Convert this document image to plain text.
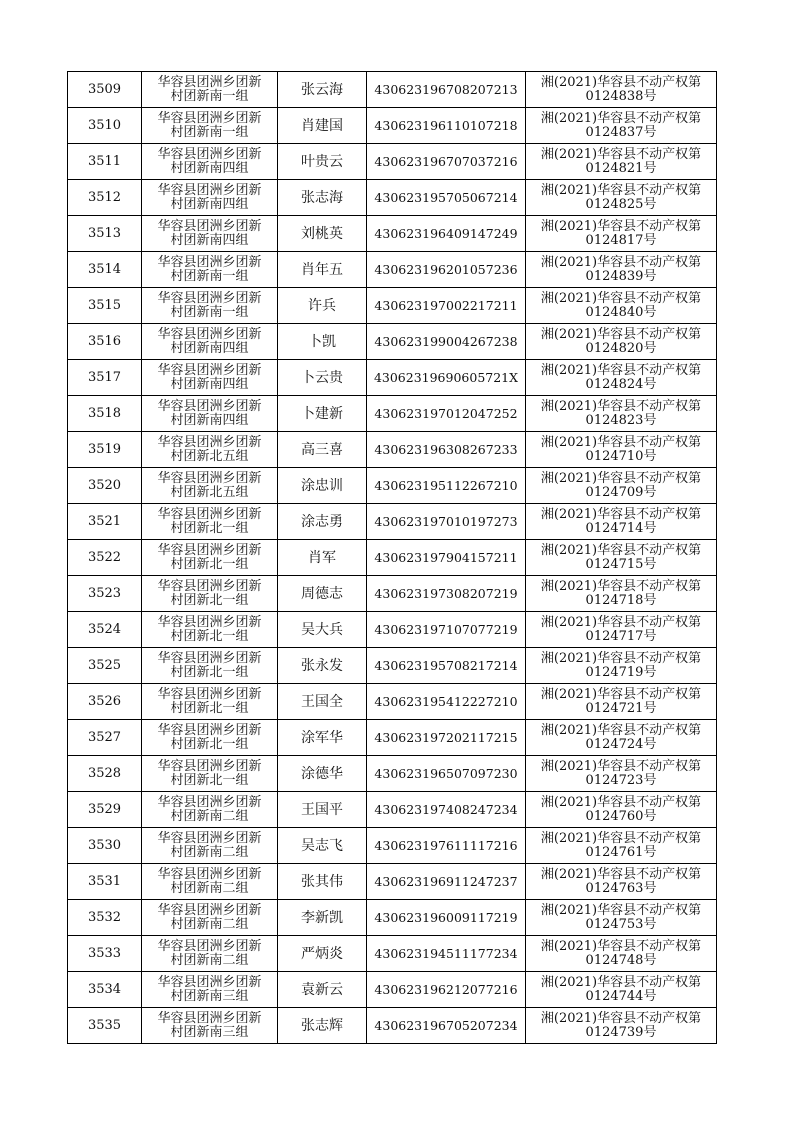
3509	华容县团洲乡团新
村团新南一组	张云海	430623196708207213	湘(2021)华容县不动产权第
0124838号

3510	华容县团洲乡团新
村团新南一组	肖建国	430623196110107218	湘(2021)华容县不动产权第
0124837号

3511	华容县团洲乡团新
村团新南四组	叶贵云	430623196707037216	湘(2021)华容县不动产权第
0124821号

3512	华容县团洲乡团新
村团新南四组	张志海	430623195705067214	湘(2021)华容县不动产权第
0124825号

3513	华容县团洲乡团新
村团新南四组	刘桃英	430623196409147249	湘(2021)华容县不动产权第
0124817号

3514	华容县团洲乡团新
村团新南一组	肖年五	430623196201057236	湘(2021)华容县不动产权第
0124839号

3515	华容县团洲乡团新
村团新南一组	许兵	430623197002217211	湘(2021)华容县不动产权第
0124840号

3516	华容县团洲乡团新
村团新南四组	卜凯	430623199004267238	湘(2021)华容县不动产权第
0124820号

3517	华容县团洲乡团新
村团新南四组	卜云贵	43062319690605721X	湘(2021)华容县不动产权第
0124824号

3518	华容县团洲乡团新
村团新南四组	卜建新	430623197012047252	湘(2021)华容县不动产权第
0124823号

3519	华容县团洲乡团新
村团新北五组	高三喜	430623196308267233	湘(2021)华容县不动产权第
0124710号

3520	华容县团洲乡团新
村团新北五组	涂忠训	430623195112267210	湘(2021)华容县不动产权第
0124709号

3521	华容县团洲乡团新
村团新北一组	涂志勇	430623197010197273	湘(2021)华容县不动产权第
0124714号

3522	华容县团洲乡团新
村团新北一组	肖军	430623197904157211	湘(2021)华容县不动产权第
0124715号

3523	华容县团洲乡团新
村团新北一组	周德志	430623197308207219	湘(2021)华容县不动产权第
0124718号

3524	华容县团洲乡团新
村团新北一组	吴大兵	430623197107077219	湘(2021)华容县不动产权第
0124717号

3525	华容县团洲乡团新
村团新北一组	张永发	430623195708217214	湘(2021)华容县不动产权第
0124719号

3526	华容县团洲乡团新
村团新北一组	王国全	430623195412227210	湘(2021)华容县不动产权第
0124721号

3527	华容县团洲乡团新
村团新北一组	涂军华	430623197202117215	湘(2021)华容县不动产权第
0124724号

3528	华容县团洲乡团新
村团新北一组	涂德华	430623196507097230	湘(2021)华容县不动产权第
0124723号

3529	华容县团洲乡团新
村团新南二组	王国平	430623197408247234	湘(2021)华容县不动产权第
0124760号

3530	华容县团洲乡团新
村团新南二组	吴志飞	430623197611117216	湘(2021)华容县不动产权第
0124761号

3531	华容县团洲乡团新
村团新南二组	张其伟	430623196911247237	湘(2021)华容县不动产权第
0124763号

3532	华容县团洲乡团新
村团新南二组	李新凯	430623196009117219	湘(2021)华容县不动产权第
0124753号

3533	华容县团洲乡团新
村团新南二组	严炳炎	430623194511177234	湘(2021)华容县不动产权第
0124748号

3534	华容县团洲乡团新
村团新南三组	袁新云	430623196212077216	湘(2021)华容县不动产权第
0124744号

3535	华容县团洲乡团新
村团新南三组	张志辉	430623196705207234	湘(2021)华容县不动产权第
0124739号
